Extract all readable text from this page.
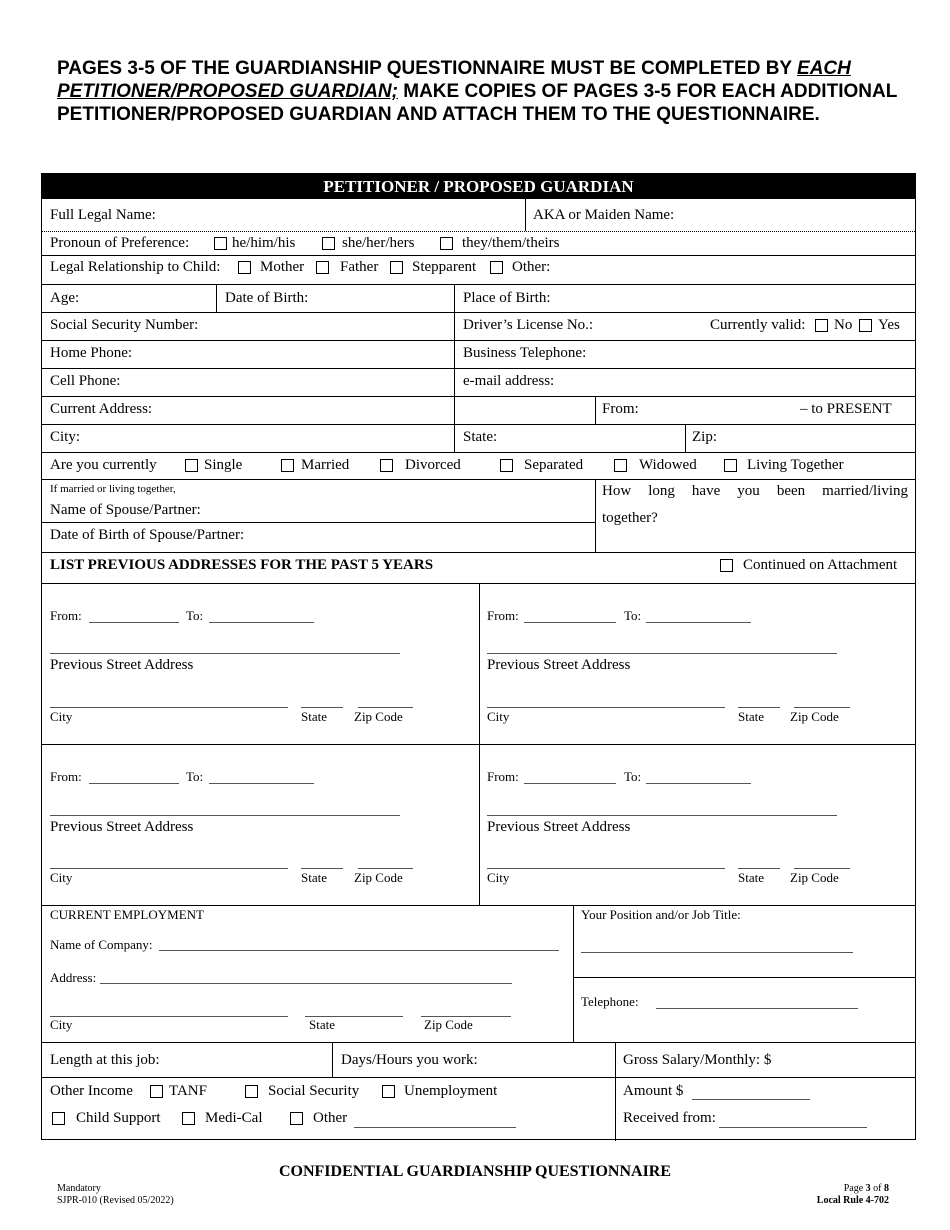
PAGES 3-5 OF THE GUARDIANSHIP QUESTIONNAIRE MUST BE COMPLETED BY EACH PETITIONER/PROPOSED GUARDIAN; MAKE COPIES OF PAGES 3-5 FOR EACH ADDITIONAL PETITIONER/PROPOSED GUARDIAN AND ATTACH THEM TO THE QUESTIONNAIRE.
PETITIONER / PROPOSED GUARDIAN
Full Legal Name:	AKA or Maiden Name:
Pronoun of Preference:	he/him/his	she/her/hers	they/them/theirs
Legal Relationship to Child:	Mother Father Stepparent Other:
Age:	Date of Birth:	Place of Birth:
Social Security Number:	Driver’s License No.:	Currently valid: No Yes
Home Phone:	Business Telephone:
Cell Phone:	e-mail address:
Current Address:	From:	– to PRESENT
City:	State:	Zip:
Are you currently	Single	Married	Divorced	Separated	Widowed	Living Together
If married or living together,
Name of Spouse/Partner:
Date of Birth of Spouse/Partner:
How long have you been married/living
together?
LIST PREVIOUS ADDRESSES FOR THE PAST 5 YEARS	Continued on Attachment
From:	To:
Previous Street Address
City	State Zip Code
From:	To:
Previous Street Address
City	State Zip Code
From:	To:
Previous Street Address
City	State Zip Code
From:	To:
Previous Street Address
City	State Zip Code
CURRENT EMPLOYMENT
Name of Company:
Address:
City	State	Zip Code
Your Position and/or Job Title:
Telephone:
Length at this job:	Days/Hours you work:	Gross Salary/Monthly: $
Other Income TANF	Social Security	Unemployment
Child Support	Medi-Cal	Other
Amount $
Received from:
CONFIDENTIAL GUARDIANSHIP QUESTIONNAIRE
Mandatory
SJPR-010 (Revised 05/2022)
Page 3 of 8
Local Rule 4-702
